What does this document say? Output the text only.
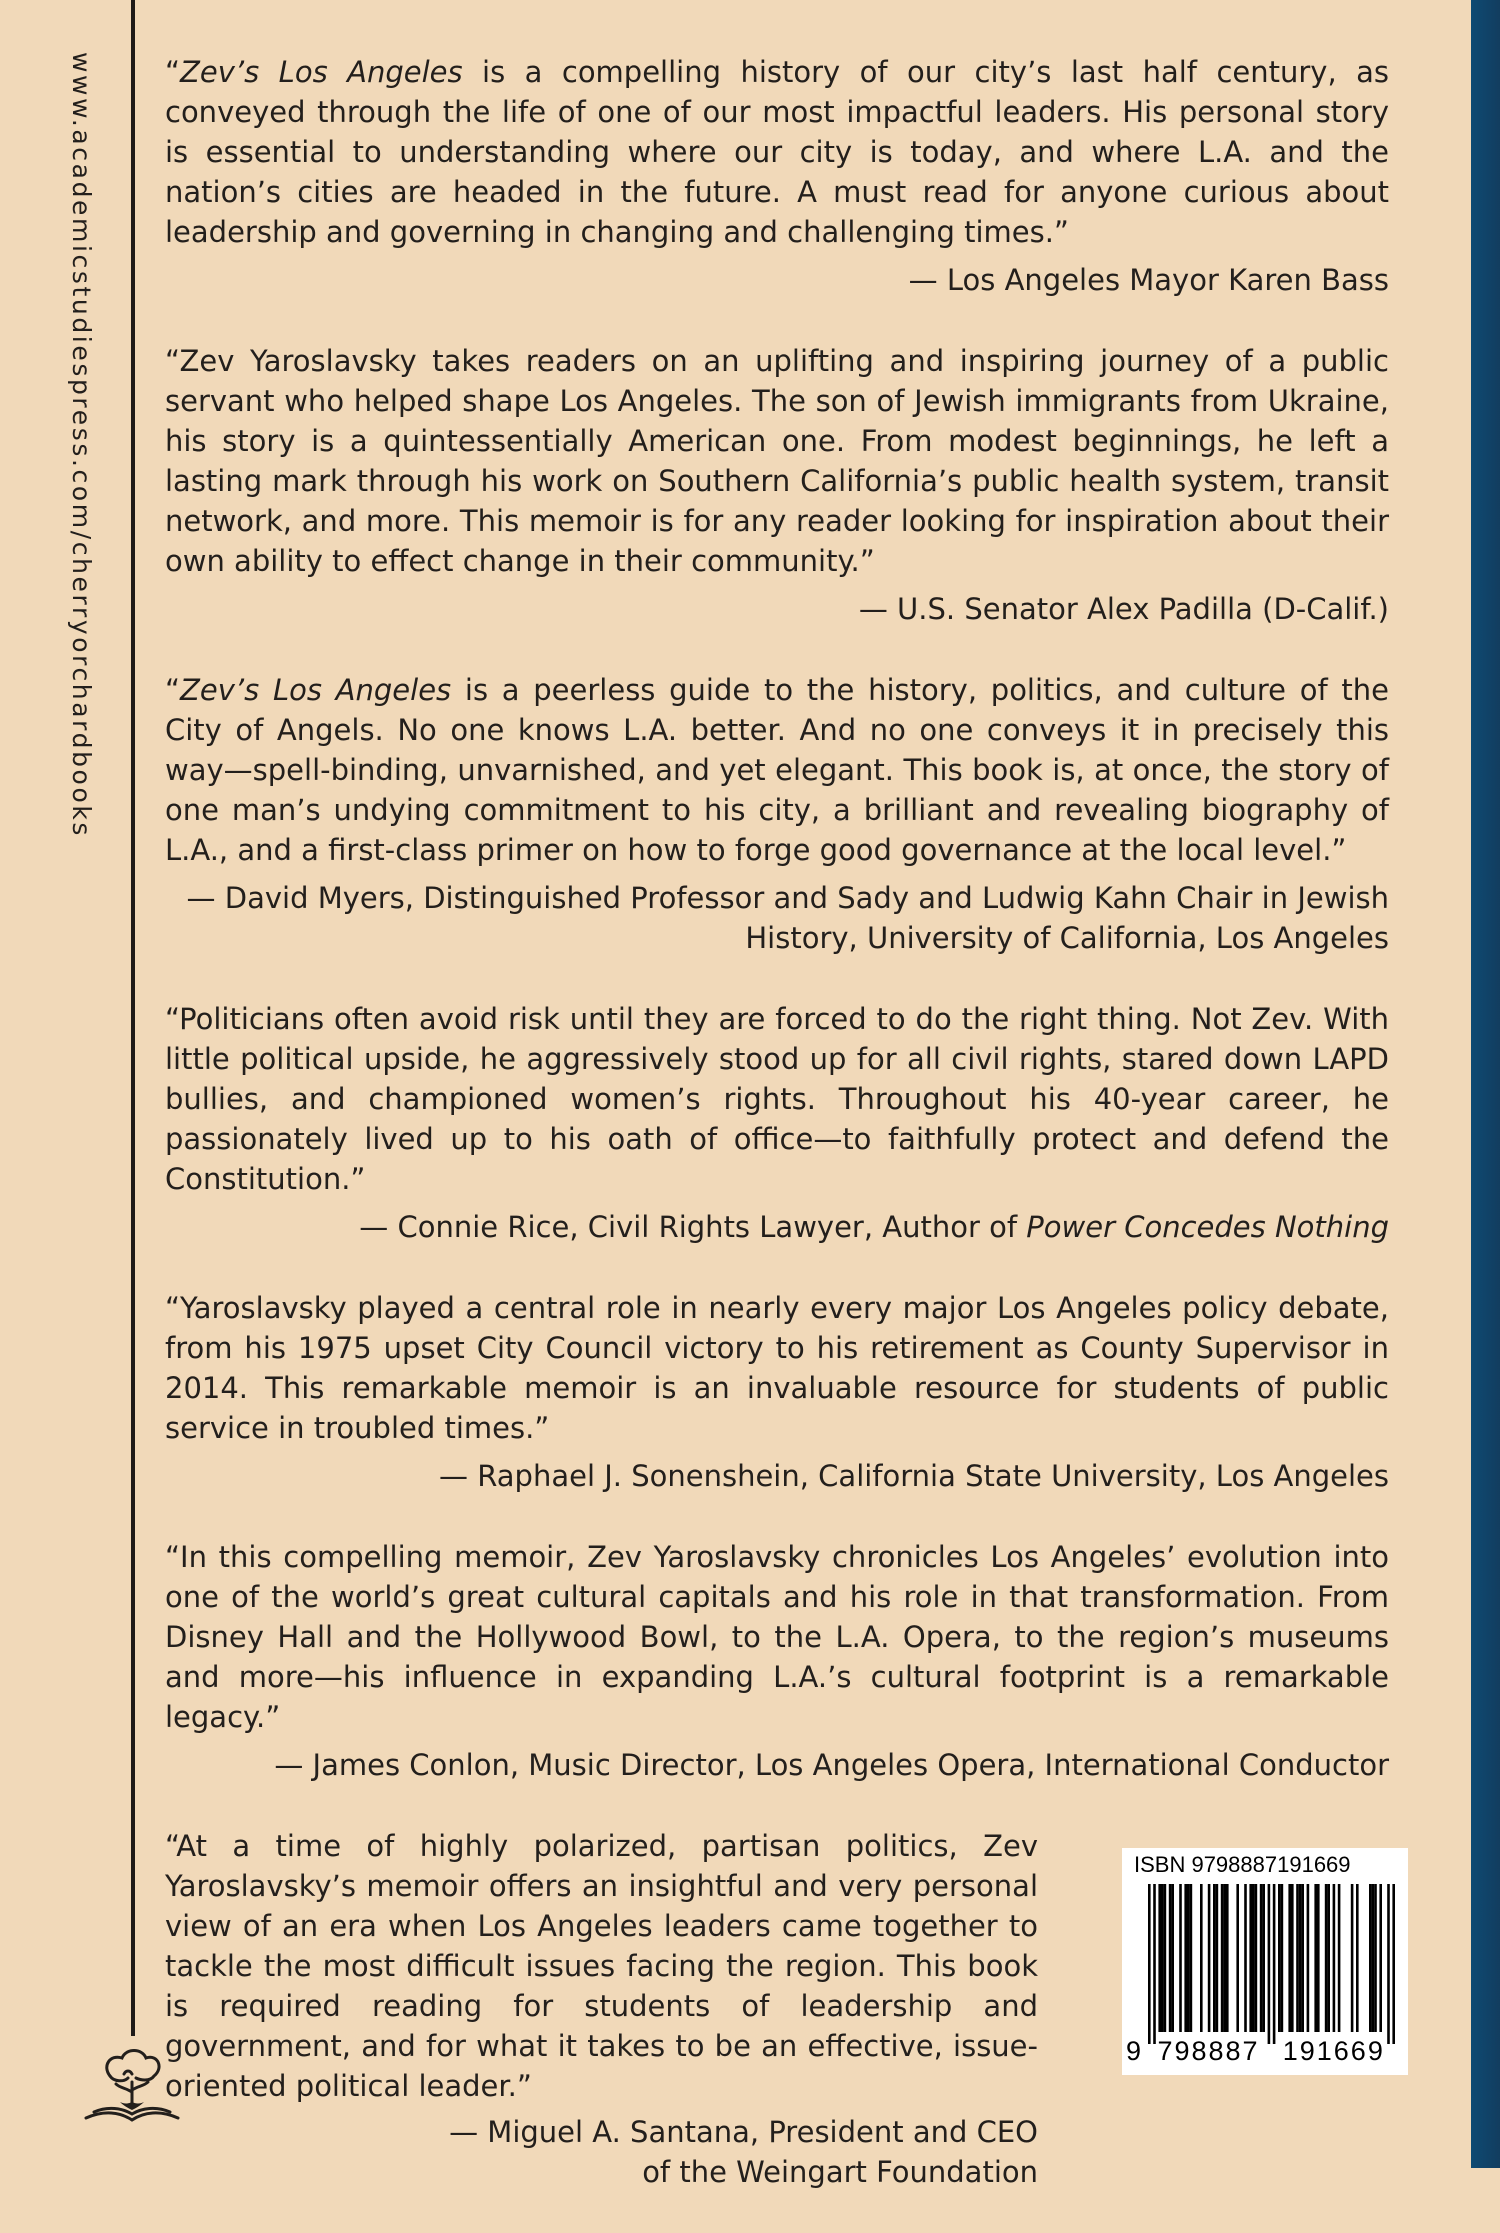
www.academicstudiespress.com/cherryorchardbooks “Zev’s Los Angeles is a compelling history of our city’s last half century, as conveyed through the life of one of our most impactful leaders. His personal story is essential to understanding where our city is today, and where L.A. and the nation’s cities are headed in the future. A must read for anyone curious about leadership and governing in changing and challenging times.”

— Los Angeles Mayor Karen Bass

“Zev Yaroslavsky takes readers on an uplifting and inspiring journey of a public servant who helped shape Los Angeles. The son of Jewish immigrants from Ukraine, his story is a quintessentially American one. From modest beginnings, he left a lasting mark through his work on Southern California’s public health system, transit network, and more. This memoir is for any reader looking for inspiration about their own ability to effect change in their community.”

— U.S. Senator Alex Padilla (D-Calif.)

“Zev’s Los Angeles is a peerless guide to the history, politics, and culture of the City of Angels. No one knows L.A. better. And no one conveys it in precisely this way—spell-binding, unvarnished, and yet elegant. This book is, at once, the story of one man’s undying commitment to his city, a brilliant and revealing biography of L.A., and a first-class primer on how to forge good governance at the local level.”

— David Myers, Distinguished Professor and Sady and Ludwig Kahn Chair in Jewish History, University of California, Los Angeles

“Politicians often avoid risk until they are forced to do the right thing. Not Zev. With little political upside, he aggressively stood up for all civil rights, stared down LAPD bullies, and championed women’s rights. Throughout his 40-year career, he passionately lived up to his oath of office—to faithfully protect and defend the Constitution.”

— Connie Rice, Civil Rights Lawyer, Author of Power Concedes Nothing

“Yaroslavsky played a central role in nearly every major Los Angeles policy debate, from his 1975 upset City Council victory to his retirement as County Supervisor in 2014. This remarkable memoir is an invaluable resource for students of public service in troubled times.”

— Raphael J. Sonenshein, California State University, Los Angeles

“In this compelling memoir, Zev Yaroslavsky chronicles Los Angeles’ evolution into one of the world’s great cultural capitals and his role in that transformation. From Disney Hall and the Hollywood Bowl, to the L.A. Opera, to the region’s museums and more—his influence in expanding L.A.’s cultural footprint is a remarkable legacy.”

— James Conlon, Music Director, Los Angeles Opera, International Conductor

“At a time of highly polarized, partisan politics, Zev Yaroslavsky’s memoir offers an insightful and very personal view of an era when Los Angeles leaders came together to tackle the most difficult issues facing the region. This book is required reading for students of leadership and government, and for what it takes to be an effective, issue-oriented political leader.”

— Miguel A. Santana, President and CEO
of the Weingart Foundation

ISBN 9798887191669
9 798887 191669
